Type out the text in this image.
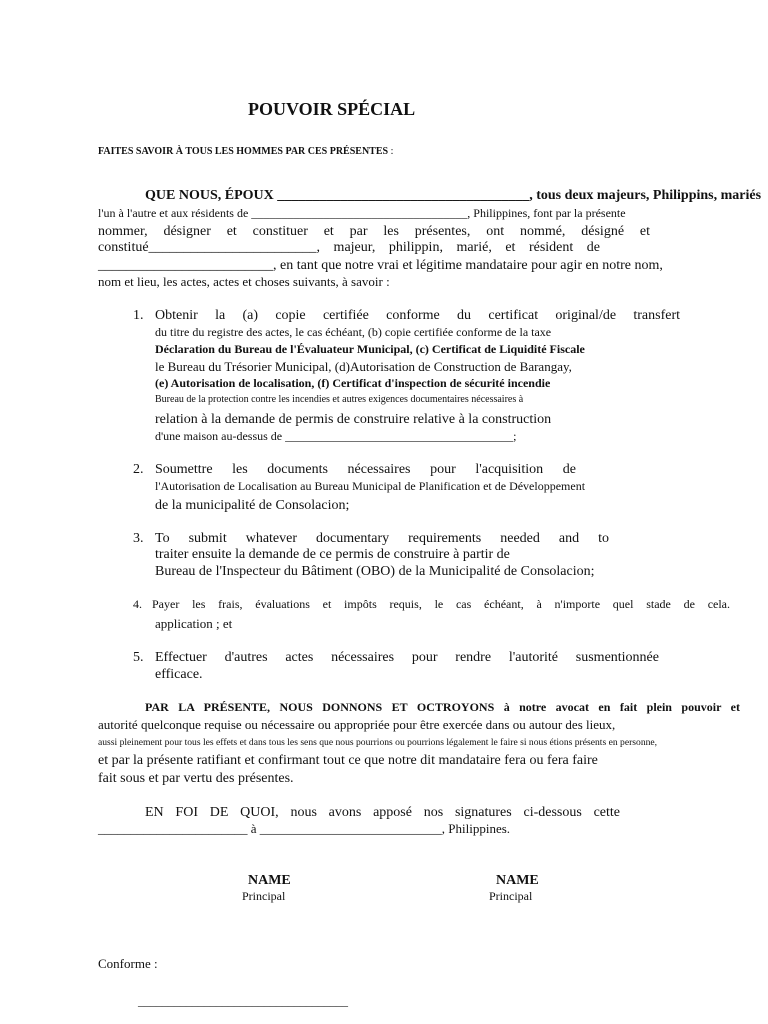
POUVOIR SPÉCIAL
FAITES SAVOIR À TOUS LES HOMMES PAR CES PRÉSENTES :
QUE NOUS, ÉPOUX ____________________________________, tous deux majeurs, Philippins, mariés
l'un à l'autre et aux résidents de ____________________________________, Philippines, font par la présente
nommer, désigner et constituer et par les présentes, ont nommé, désigné et
constitué________________________, majeur, philippin, marié, et résident de
_________________________, en tant que notre vrai et légitime mandataire pour agir en notre nom,
nom et lieu, les actes, actes et choses suivants, à savoir :
1. Obtenir la (a) copie certifiée conforme du certificat original/de transfert
du titre du registre des actes, le cas échéant, (b) copie certifiée conforme de la taxe
Déclaration du Bureau de l'Évaluateur Municipal, (c) Certificat de Liquidité Fiscale
le Bureau du Trésorier Municipal, (d)Autorisation de Construction de Barangay,
(e) Autorisation de localisation, (f) Certificat d'inspection de sécurité incendie
Bureau de la protection contre les incendies et autres exigences documentaires nécessaires à
relation à la demande de permis de construire relative à la construction
d'une maison au-dessus de ______________________________________;
2. Soumettre les documents nécessaires pour l'acquisition de
l'Autorisation de Localisation au Bureau Municipal de Planification et de Développement
de la municipalité de Consolacion;
3. To submit whatever documentary requirements needed and to
traiter ensuite la demande de ce permis de construire à partir de
Bureau de l'Inspecteur du Bâtiment (OBO) de la Municipalité de Consolacion;
4. Payer les frais, évaluations et impôts requis, le cas échéant, à n'importe quel stade de cela.
application ; et
5. Effectuer d'autres actes nécessaires pour rendre l'autorité susmentionnée
efficace.
PAR LA PRÉSENTE, NOUS DONNONS ET OCTROYONS à notre avocat en fait plein pouvoir et
autorité quelconque requise ou nécessaire ou appropriée pour être exercée dans ou autour des lieux,
aussi pleinement pour tous les effets et dans tous les sens que nous pourrions ou pourrions légalement le faire si nous étions présents en personne,
et par la présente ratifiant et confirmant tout ce que notre dit mandataire fera ou fera faire
fait sous et par vertu des présentes.
EN FOI DE QUOI, nous avons apposé nos signatures ci-dessous cette
_______________________ à ____________________________, Philippines.
NAME
Principal
NAME
Principal
Conforme :
___________________________________
